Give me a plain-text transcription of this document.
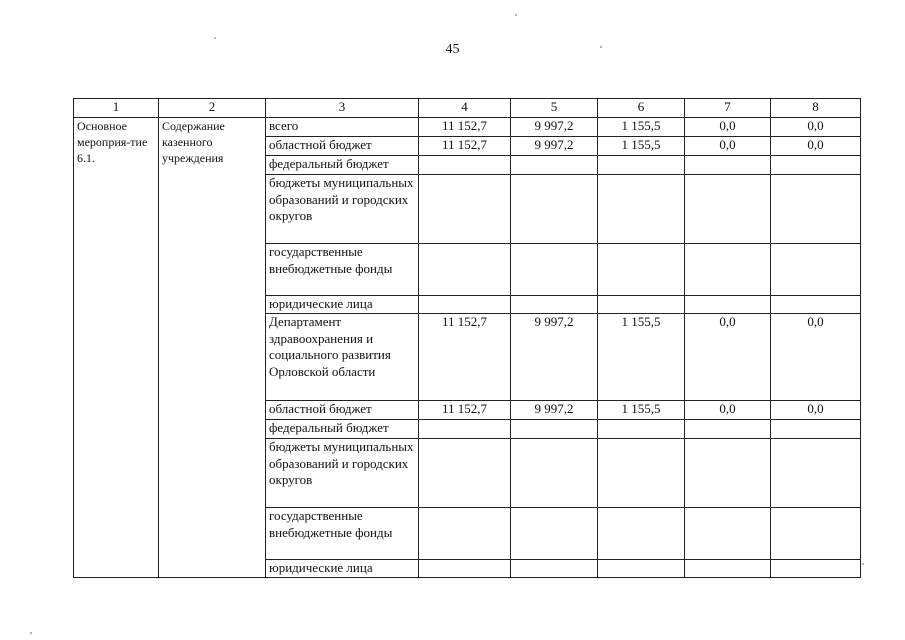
45
1	2	3	4	5	6	7	8
Основное мероприя-тие 6.1.	Содержание казенного учреждения	всего	11 152,7	9 997,2	1 155,5	0,0	0,0
		областной бюджет	11 152,7	9 997,2	1 155,5	0,0	0,0
		федеральный бюджет					
		бюджеты муниципальных образований и городских округов					
		государственные внебюджетные фонды					
		юридические лица					
		Департамент здравоохранения и социального развития Орловской области	11 152,7	9 997,2	1 155,5	0,0	0,0
		областной бюджет	11 152,7	9 997,2	1 155,5	0,0	0,0
		федеральный бюджет					
		бюджеты муниципальных образований и городских округов					
		государственные внебюджетные фонды					
		юридические лица					
